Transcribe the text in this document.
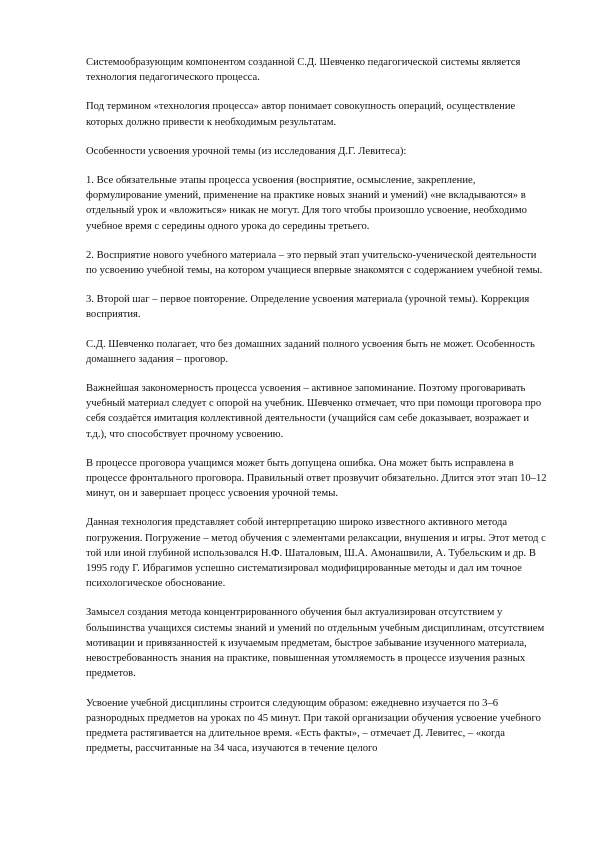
Системообразующим компонентом созданной С.Д. Шевченко педагогической системы является технология педагогического процесса.

Под термином «технология процесса» автор понимает совокупность операций, осуществление которых должно привести к необходимым результатам.

Особенности усвоения урочной темы (из исследования Д.Г. Левитеса):

1. Все обязательные этапы процесса усвоения (восприятие, осмысление, закрепление, формулирование умений, применение на практике новых знаний и умений) «не вкладываются» в отдельный урок и «вложиться» никак не могут. Для того чтобы произошло усвоение, необходимо учебное время с середины одного урока до середины третьего.

2. Восприятие нового учебного материала – это первый этап учительско-ученической деятельности по усвоению учебной темы, на котором учащиеся впервые знакомятся с содержанием учебной темы.

3. Второй шаг – первое повторение. Определение усвоения материала (урочной темы). Коррекция восприятия.

С.Д. Шевченко полагает, что без домашних заданий полного усвоения быть не может. Особенность домашнего задания – проговор.

Важнейшая закономерность процесса усвоения – активное запоминание. Поэтому проговаривать учебный материал следует с опорой на учебник. Шевченко отмечает, что при помощи проговора про себя создаётся имитация коллективной деятельности (учащийся сам себе доказывает, возражает и т.д.), что способствует прочному усвоению.

В процессе проговора учащимся может быть допущена ошибка. Она может быть исправлена в процессе фронтального проговора. Правильный ответ прозвучит обязательно. Длится этот этап 10–12 минут, он и завершает процесс усвоения урочной темы.

Данная технология представляет собой интерпретацию широко известного активного метода погружения. Погружение – метод обучения с элементами релаксации, внушения и игры. Этот метод с той или иной глубиной использовался Н.Ф. Шаталовым, Ш.А. Амонашвили, А. Тубельским и др. В 1995 году Г. Ибрагимов успешно систематизировал модифицированные методы и дал им точное психологическое обоснование.

Замысел создания метода концентрированного обучения был актуализирован отсутствием у большинства учащихся системы знаний и умений по отдельным учебным дисциплинам, отсутствием мотивации и привязанностей к изучаемым предметам, быстрое забывание изученного материала, невостребованность знания на практике, повышенная утомляемость в процессе изучения разных предметов.

Усвоение учебной дисциплины строится следующим образом: ежедневно изучается по 3–6 разнородных предметов на уроках по 45 минут. При такой организации обучения усвоение учебного предмета растягивается на длительное время. «Есть факты», – отмечает Д. Левитес, – «когда предметы, рассчитанные на 34 часа, изучаются в течение целого
